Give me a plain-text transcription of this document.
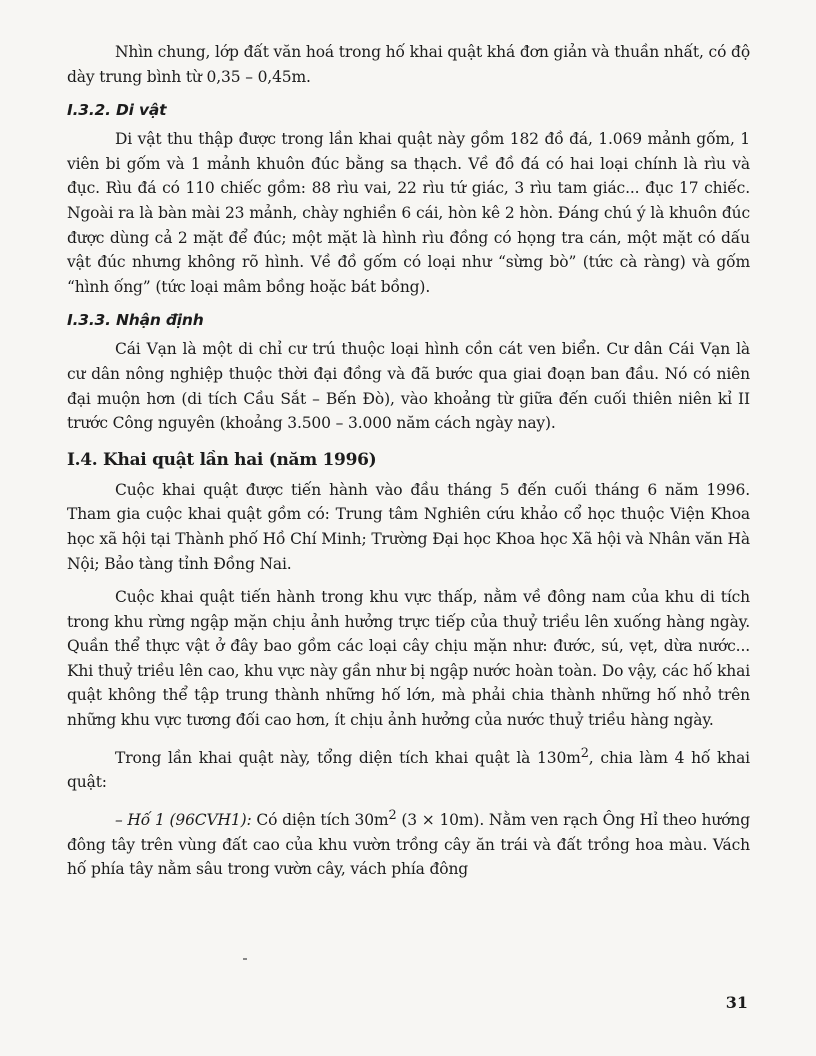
Nhìn chung, lớp đất văn hoá trong hố khai quật khá đơn giản và thuần nhất, có độ dày trung bình từ 0,35 – 0,45m.

I.3.2. Di vật

Di vật thu thập được trong lần khai quật này gồm 182 đồ đá, 1.069 mảnh gốm, 1 viên bi gốm và 1 mảnh khuôn đúc bằng sa thạch. Về đồ đá có hai loại chính là rìu và đục. Rìu đá có 110 chiếc gồm: 88 rìu vai, 22 rìu tứ giác, 3 rìu tam giác... đục 17 chiếc. Ngoài ra là bàn mài 23 mảnh, chày nghiền 6 cái, hòn kê 2 hòn. Đáng chú ý là khuôn đúc được dùng cả 2 mặt để đúc; một mặt là hình rìu đồng có họng tra cán, một mặt có dấu vật đúc nhưng không rõ hình. Về đồ gốm có loại như “sừng bò” (tức cà ràng) và gốm “hình ống” (tức loại mâm bồng hoặc bát bồng).

I.3.3. Nhận định

Cái Vạn là một di chỉ cư trú thuộc loại hình cồn cát ven biển. Cư dân Cái Vạn là cư dân nông nghiệp thuộc thời đại đồng và đã bước qua giai đoạn ban đầu. Nó có niên đại muộn hơn (di tích Cầu Sắt – Bến Đò), vào khoảng từ giữa đến cuối thiên niên kỉ II trước Công nguyên (khoảng 3.500 – 3.000 năm cách ngày nay).

I.4. Khai quật lần hai (năm 1996)

Cuộc khai quật được tiến hành vào đầu tháng 5 đến cuối tháng 6 năm 1996. Tham gia cuộc khai quật gồm có: Trung tâm Nghiên cứu khảo cổ học thuộc Viện Khoa học xã hội tại Thành phố Hồ Chí Minh; Trường Đại học Khoa học Xã hội và Nhân văn Hà Nội; Bảo tàng tỉnh Đồng Nai.

Cuộc khai quật tiến hành trong khu vực thấp, nằm về đông nam của khu di tích trong khu rừng ngập mặn chịu ảnh hưởng trực tiếp của thuỷ triều lên xuống hàng ngày. Quần thể thực vật ở đây bao gồm các loại cây chịu mặn như: đước, sú, vẹt, dừa nước... Khi thuỷ triều lên cao, khu vực này gần như bị ngập nước hoàn toàn. Do vậy, các hố khai quật không thể tập trung thành những hố lớn, mà phải chia thành những hố nhỏ trên những khu vực tương đối cao hơn, ít chịu ảnh hưởng của nước thuỷ triều hàng ngày.

Trong lần khai quật này, tổng diện tích khai quật là $130m^2$, chia làm 4 hố khai quật:

– Hố 1 (96CVH1): Có diện tích $30m^2$ (3 × 10m). Nằm ven rạch Ông Hỉ theo hướng đông tây trên vùng đất cao của khu vườn trồng cây ăn trái và đất trồng hoa màu. Vách hố phía tây nằm sâu trong vườn cây, vách phía đông

31
